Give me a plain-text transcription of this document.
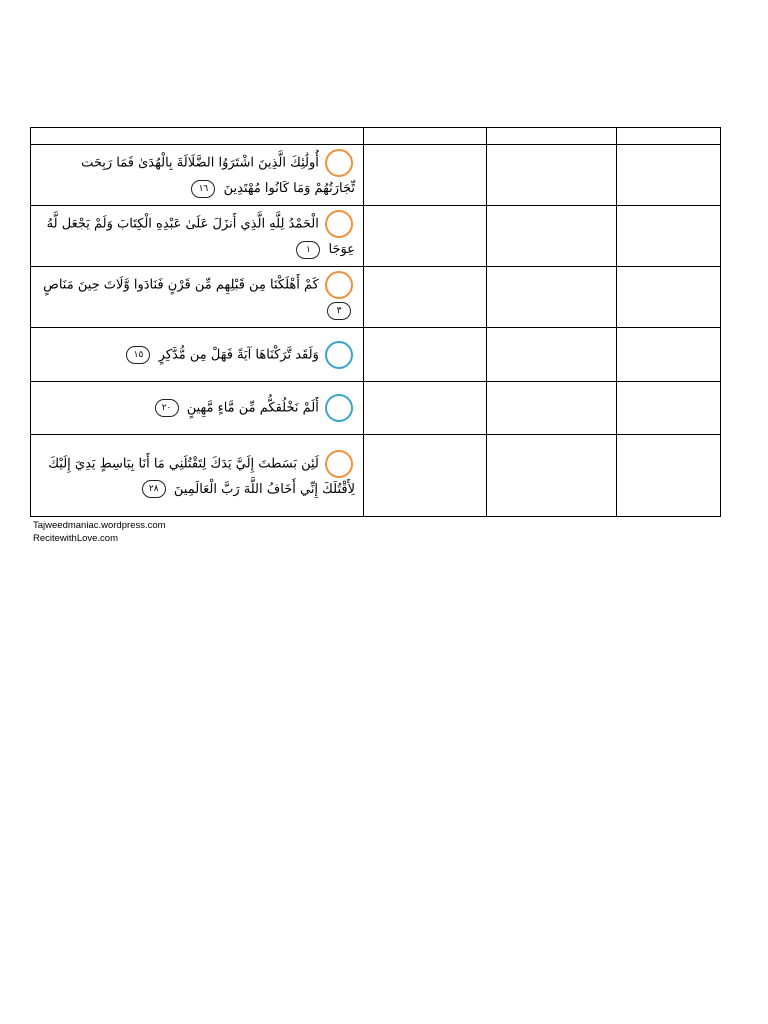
أُولَٰئِكَ الَّذِينَ اشْتَرَوُا الضَّلَالَةَ بِالْهُدَىٰ فَمَا رَبِحَت تِّجَارَتُهُمْ وَمَا كَانُوا مُهْتَدِينَ ١٦			
الْحَمْدُ لِلَّهِ الَّذِي أَنزَلَ عَلَىٰ عَبْدِهِ الْكِتَابَ وَلَمْ يَجْعَل لَّهُ عِوَجَا ١			
كَمْ أَهْلَكْنَا مِن قَبْلِهِم مِّن قَرْنٍ فَنَادَوا وَّلَاتَ حِينَ مَنَاصٍ ٣			
وَلَقَد تَّرَكْنَاهَا آيَةً فَهَلْ مِن مُّدَّكِرٍ ١٥			
أَلَمْ نَخْلُقكُّم مِّن مَّاءٍ مَّهِينٍ ٢٠			
لَئِن بَسَطتَ إِلَيَّ يَدَكَ لِتَقْتُلَنِي مَا أَنَا بِبَاسِطٍ يَدِيَ إِلَيْكَ لِأَقْتُلَكَ إِنِّي أَخَافُ اللَّهَ رَبَّ الْعَالَمِينَ ٢٨			
Tajweedmaniac.wordpress.com
RecitewithLove.com
